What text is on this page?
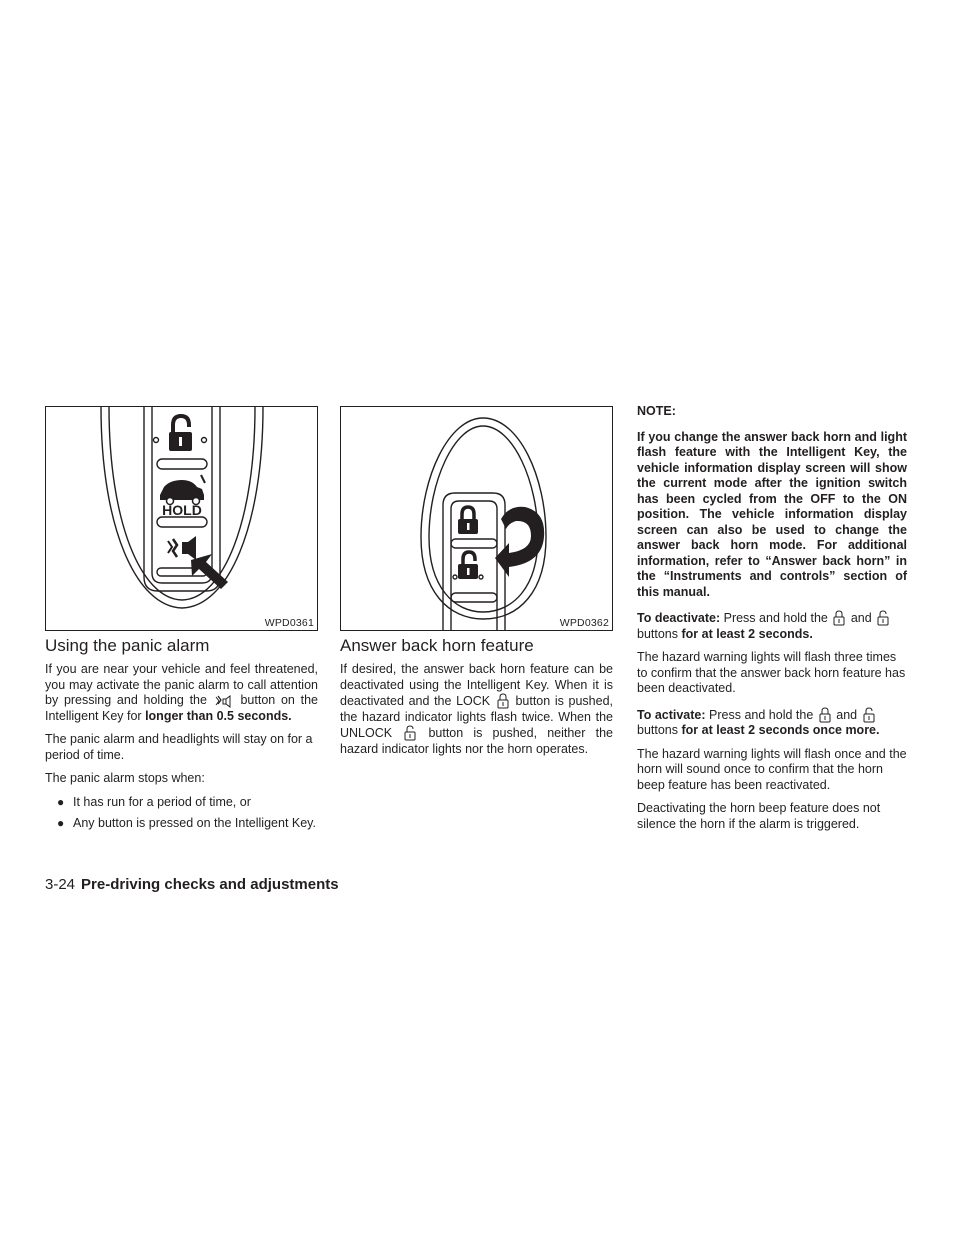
HOLD
WPD0361	WPD0362
Using the panic alarm

If you are near your vehicle and feel threatened, you may activate the panic alarm to call attention by pressing and holding the	button on the Intelligent Key for longer than 0.5 seconds.

The panic alarm and headlights will stay on for a period of time.

The panic alarm stops when:

● It has run for a period of time, or
● Any button is pressed on the Intelligent Key.
Answer back horn feature

If desired, the answer back horn feature can be deactivated using the Intelligent Key. When it is deactivated and the LOCK button is pushed, the hazard indicator lights flash twice. When the UNLOCK	button is pushed, neither the hazard indicator lights nor the horn operates.

NOTE:

If you change the answer back horn and light flash feature with the Intelligent Key, the vehicle information display screen will show the current mode after the ignition switch has been cycled from the OFF to the ON position. The vehicle information display screen can also be used to change the answer back horn mode. For additional information, refer to “Answer back horn” in the “Instruments and controls” section of this manual.

To deactivate: Press and hold the and
buttons for at least 2 seconds.

The hazard warning lights will flash three times to confirm that the answer back horn feature has been deactivated.

To activate: Press and hold the and
buttons for at least 2 seconds once more.

The hazard warning lights will flash once and the horn will sound once to confirm that the horn beep feature has been reactivated.

Deactivating the horn beep feature does not silence the horn if the alarm is triggered.

3-24 Pre-driving checks and adjustments
